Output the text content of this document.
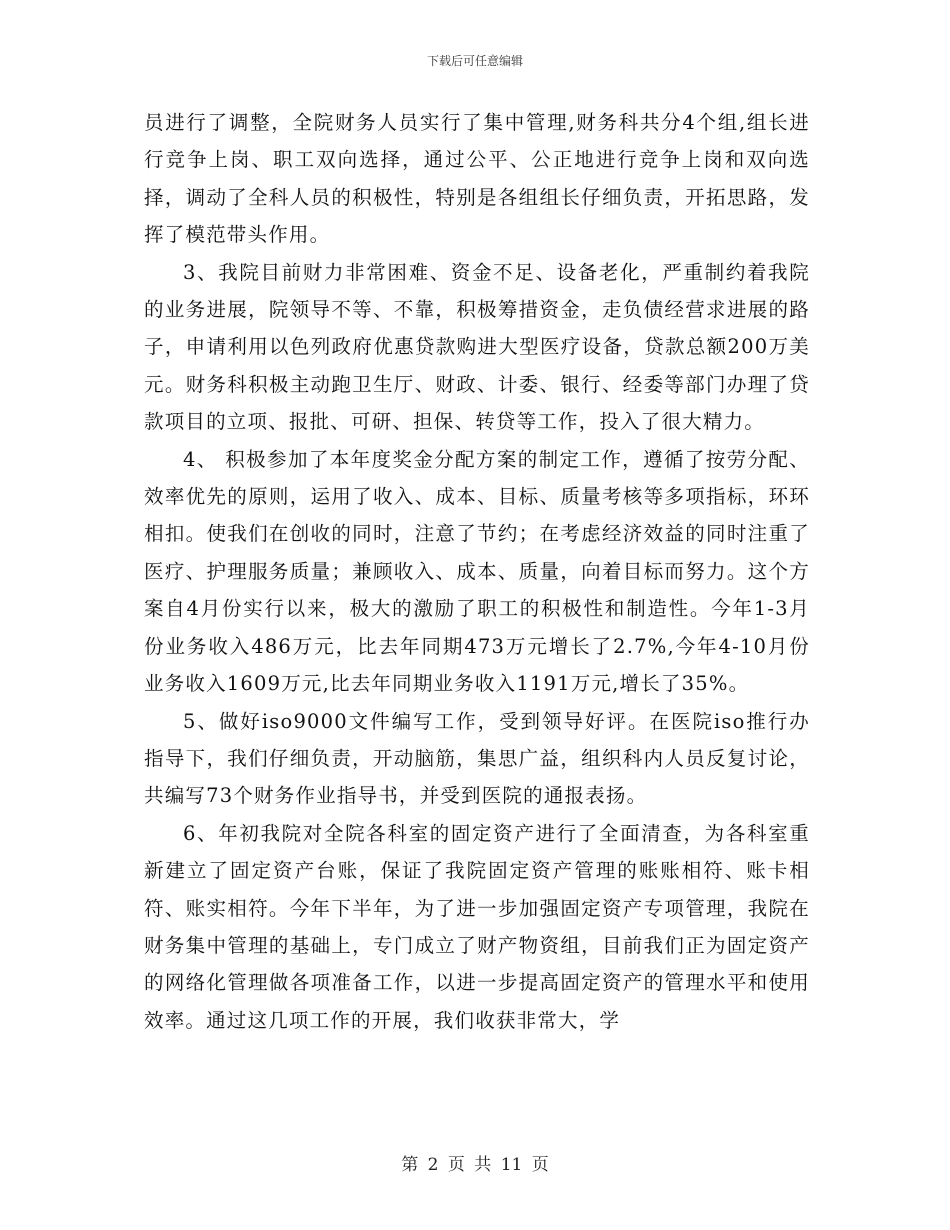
下载后可任意编辑

员进行了调整，全院财务人员实行了集中管理,财务科共分4个组,组长进行竞争上岗、职工双向选择，通过公平、公正地进行竞争上岗和双向选择，调动了全科人员的积极性，特别是各组组长仔细负责，开拓思路，发挥了模范带头作用。

3、我院目前财力非常困难、资金不足、设备老化，严重制约着我院的业务进展，院领导不等、不靠，积极筹措资金，走负债经营求进展的路子，申请利用以色列政府优惠贷款购进大型医疗设备，贷款总额200万美元。财务科积极主动跑卫生厅、财政、计委、银行、经委等部门办理了贷款项目的立项、报批、可研、担保、转贷等工作，投入了很大精力。

4、 积极参加了本年度奖金分配方案的制定工作，遵循了按劳分配、效率优先的原则，运用了收入、成本、目标、质量考核等多项指标，环环相扣。使我们在创收的同时，注意了节约；在考虑经济效益的同时注重了医疗、护理服务质量；兼顾收入、成本、质量，向着目标而努力。这个方案自4月份实行以来，极大的激励了职工的积极性和制造性。今年1-3月份业务收入486万元，比去年同期473万元增长了2.7%,今年4-10月份业务收入1609万元,比去年同期业务收入1191万元,增长了35%。

5、做好iso9000文件编写工作，受到领导好评。在医院iso推行办指导下，我们仔细负责，开动脑筋，集思广益，组织科内人员反复讨论，共编写73个财务作业指导书，并受到医院的通报表扬。

6、年初我院对全院各科室的固定资产进行了全面清查，为各科室重新建立了固定资产台账，保证了我院固定资产管理的账账相符、账卡相符、账实相符。今年下半年，为了进一步加强固定资产专项管理，我院在财务集中管理的基础上，专门成立了财产物资组，目前我们正为固定资产的网络化管理做各项准备工作，以进一步提高固定资产的管理水平和使用效率。通过这几项工作的开展，我们收获非常大，学

第 2 页 共 11 页
